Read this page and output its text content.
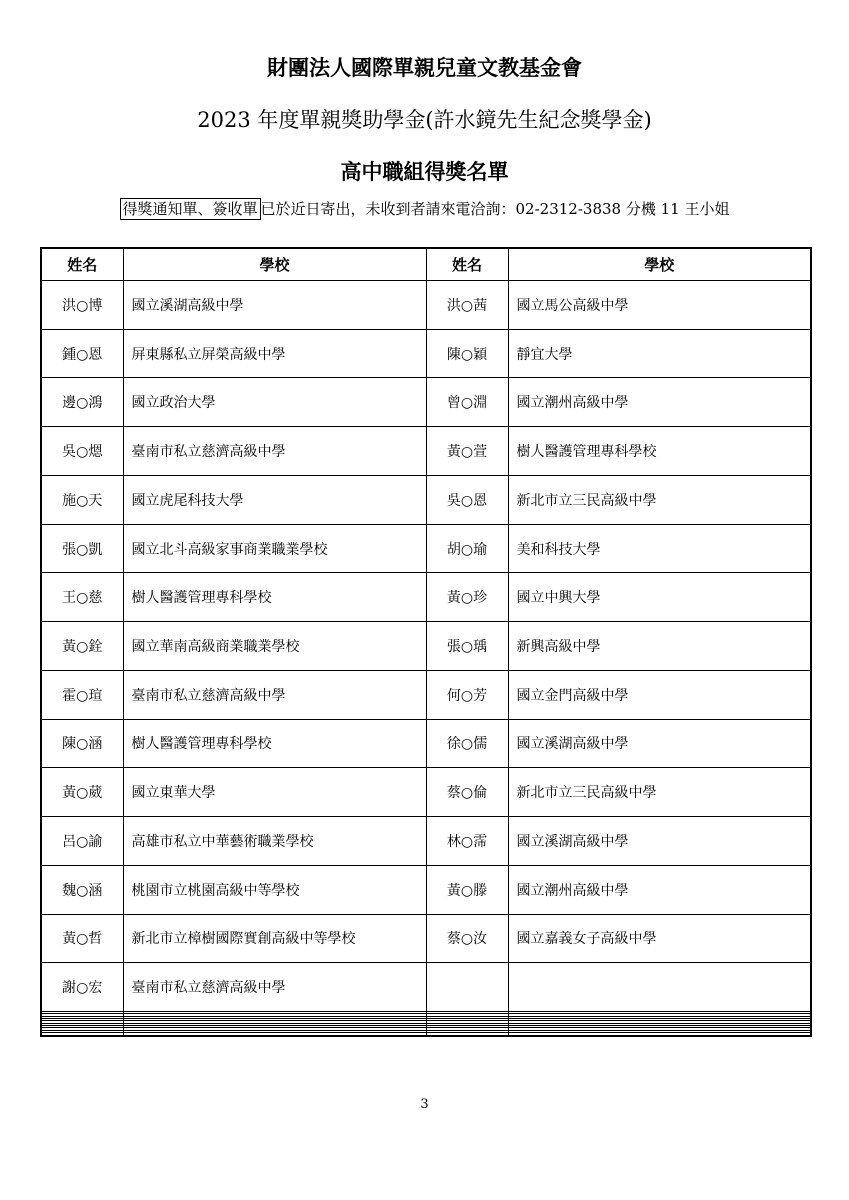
財團法人國際單親兒童文教基金會
2023 年度單親獎助學金(許水鏡先生紀念獎學金)
高中職組得獎名單
得獎通知單、簽收單 已於近日寄出，未收到者請來電洽詢：02-2312-3838 分機 11 王小姐
姓名	學校	姓名	學校
洪○博	國立溪湖高級中學	洪○茜	國立馬公高級中學
鍾○恩	屏東縣私立屏榮高級中學	陳○穎	靜宜大學
邊○鴻	國立政治大學	曾○淵	國立潮州高級中學
吳○煾	臺南市私立慈濟高級中學	黃○萱	樹人醫護管理專科學校
施○天	國立虎尾科技大學	吳○恩	新北市立三民高級中學
張○凱	國立北斗高級家事商業職業學校	胡○瑜	美和科技大學
王○慈	樹人醫護管理專科學校	黃○珍	國立中興大學
黃○銓	國立華南高級商業職業學校	張○瑀	新興高級中學
霍○瑄	臺南市私立慈濟高級中學	何○芳	國立金門高級中學
陳○涵	樹人醫護管理專科學校	徐○儒	國立溪湖高級中學
黃○葳	國立東華大學	蔡○倫	新北市立三民高級中學
呂○諭	高雄市私立中華藝術職業學校	林○霈	國立溪湖高級中學
魏○涵	桃園市立桃園高級中等學校	黃○滕	國立潮州高級中學
黃○哲	新北市立樟樹國際實創高級中等學校	蔡○汝	國立嘉義女子高級中學
謝○宏	臺南市私立慈濟高級中學		

3
